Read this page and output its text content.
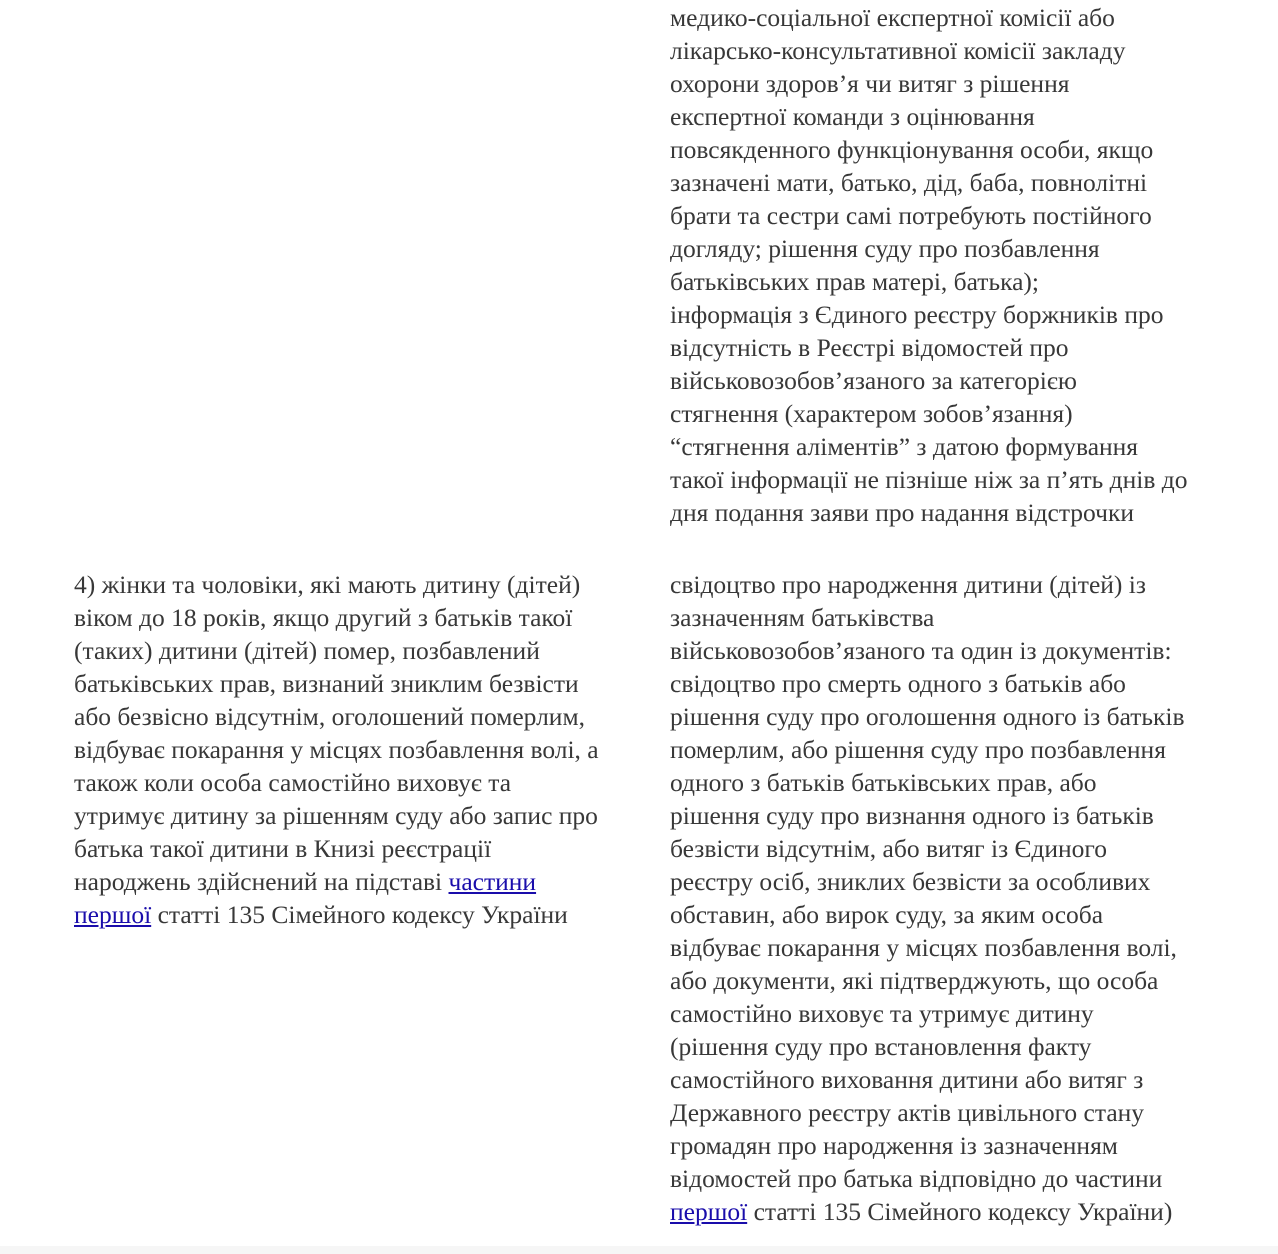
медико-соціальної експертної комісії або
лікарсько-консультативної комісії закладу
охорони здоров’я чи витяг з рішення
експертної команди з оцінювання
повсякденного функціонування особи, якщо
зазначені мати, батько, дід, баба, повнолітні
брати та сестри самі потребують постійного
догляду; рішення суду про позбавлення
батьківських прав матері, батька);
інформація з Єдиного реєстру боржників про
відсутність в Реєстрі відомостей про
військовозобов’язаного за категорією
стягнення (характером зобов’язання)
“стягнення аліментів” з датою формування
такої інформації не пізніше ніж за п’ять днів до
дня подання заяви про надання відстрочки
4) жінки та чоловіки, які мають дитину (дітей)
віком до 18 років, якщо другий з батьків такої
(таких) дитини (дітей) помер, позбавлений
батьківських прав, визнаний зниклим безвісти
або безвісно відсутнім, оголошений померлим,
відбуває покарання у місцях позбавлення волі, а
також коли особа самостійно виховує та
утримує дитину за рішенням суду або запис про
батька такої дитини в Книзі реєстрації
народжень здійснений на підставі частини
першої статті 135 Сімейного кодексу України
свідоцтво про народження дитини (дітей) із
зазначенням батьківства
військовозобов’язаного та один із документів:
свідоцтво про смерть одного з батьків або
рішення суду про оголошення одного із батьків
померлим, або рішення суду про позбавлення
одного з батьків батьківських прав, або
рішення суду про визнання одного із батьків
безвісти відсутнім, або витяг із Єдиного
реєстру осіб, зниклих безвісти за особливих
обставин, або вирок суду, за яким особа
відбуває покарання у місцях позбавлення волі,
або документи, які підтверджують, що особа
самостійно виховує та утримує дитину
(рішення суду про встановлення факту
самостійного виховання дитини або витяг з
Державного реєстру актів цивільного стану
громадян про народження із зазначенням
відомостей про батька відповідно до частини
першої статті 135 Сімейного кодексу України)
